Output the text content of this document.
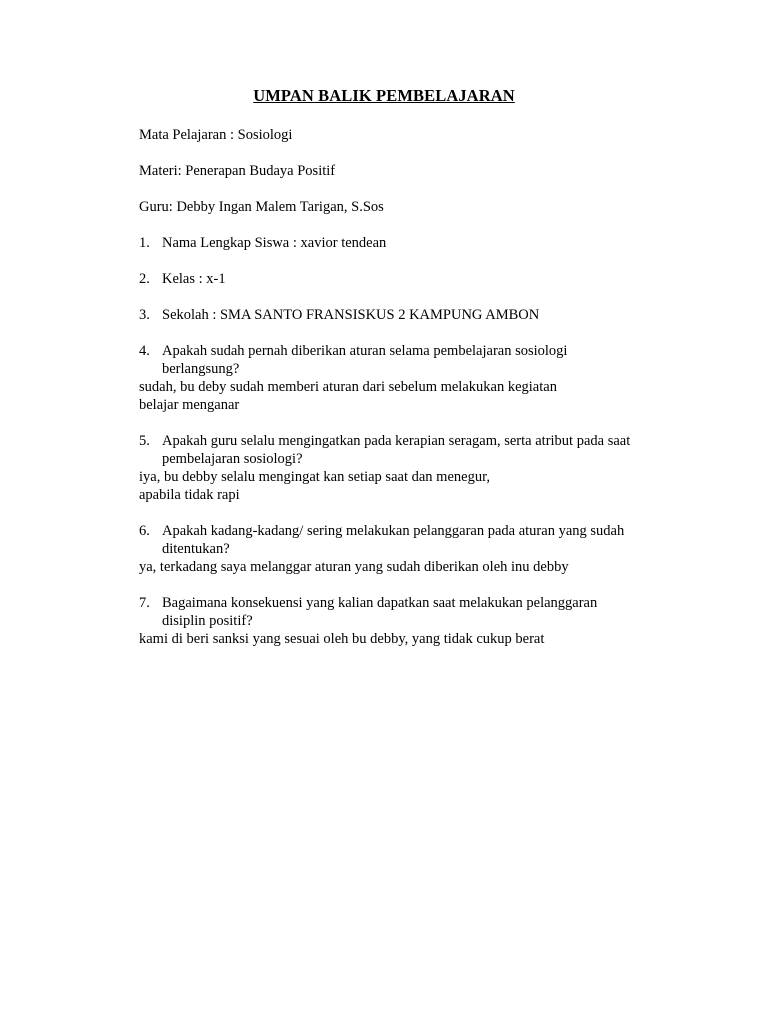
UMPAN BALIK PEMBELAJARAN
Mata Pelajaran : Sosiologi
Materi: Penerapan Budaya Positif
Guru: Debby Ingan Malem Tarigan, S.Sos
1. Nama Lengkap Siswa : xavior tendean
2. Kelas : x-1
3. Sekolah : SMA SANTO FRANSISKUS 2 KAMPUNG AMBON
4. Apakah sudah pernah diberikan aturan selama pembelajaran sosiologi
berlangsung?
sudah, bu deby sudah memberi aturan dari sebelum melakukan kegiatan
belajar menganar
5. Apakah guru selalu mengingatkan pada kerapian seragam, serta atribut pada saat
pembelajaran sosiologi?
iya, bu debby selalu mengingat kan setiap saat dan menegur,
apabila tidak rapi
6. Apakah kadang-kadang/ sering melakukan pelanggaran pada aturan yang sudah
ditentukan?
ya, terkadang saya melanggar aturan yang sudah diberikan oleh inu debby
7. Bagaimana konsekuensi yang kalian dapatkan saat melakukan pelanggaran
disiplin positif?
kami di beri sanksi yang sesuai oleh bu debby, yang tidak cukup berat
